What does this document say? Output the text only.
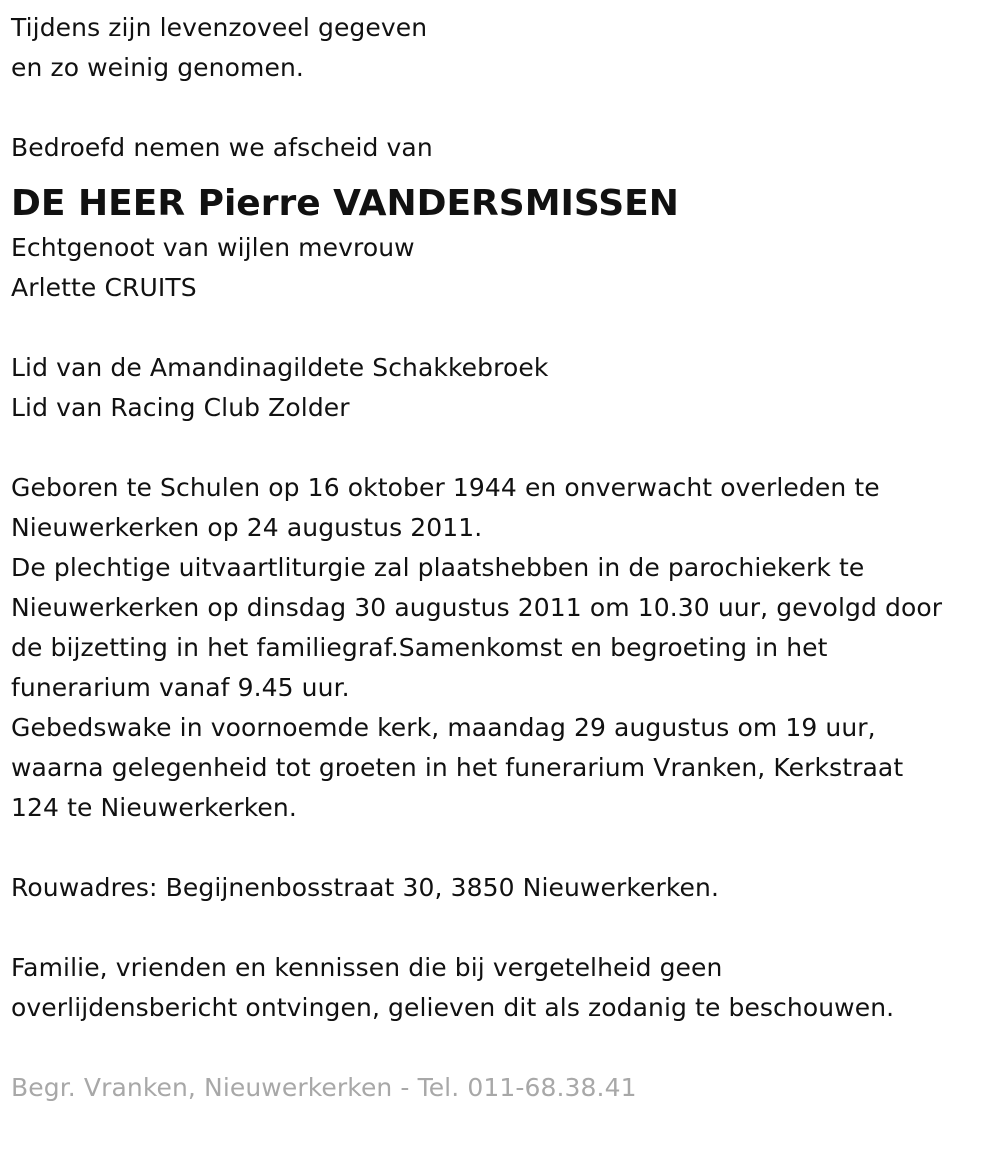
Tijdens zijn levenzoveel gegeven
en zo weinig genomen.
Bedroefd nemen we afscheid van
DE HEER Pierre VANDERSMISSEN
Echtgenoot van wijlen mevrouw
Arlette CRUITS
Lid van de Amandinagildete Schakkebroek
Lid van Racing Club Zolder
Geboren te Schulen op 16 oktober 1944 en onverwacht overleden te
Nieuwerkerken op 24 augustus 2011.
De plechtige uitvaartliturgie zal plaatshebben in de parochiekerk te
Nieuwerkerken op dinsdag 30 augustus 2011 om 10.30 uur, gevolgd door
de bijzetting in het familiegraf.Samenkomst en begroeting in het
funerarium vanaf 9.45 uur.
Gebedswake in voornoemde kerk, maandag 29 augustus om 19 uur,
waarna gelegenheid tot groeten in het funerarium Vranken, Kerkstraat
124 te Nieuwerkerken.
Rouwadres: Begijnenbosstraat 30, 3850 Nieuwerkerken.
Familie, vrienden en kennissen die bij vergetelheid geen
overlijdensbericht ontvingen, gelieven dit als zodanig te beschouwen.
Begr. Vranken, Nieuwerkerken - Tel. 011-68.38.41
